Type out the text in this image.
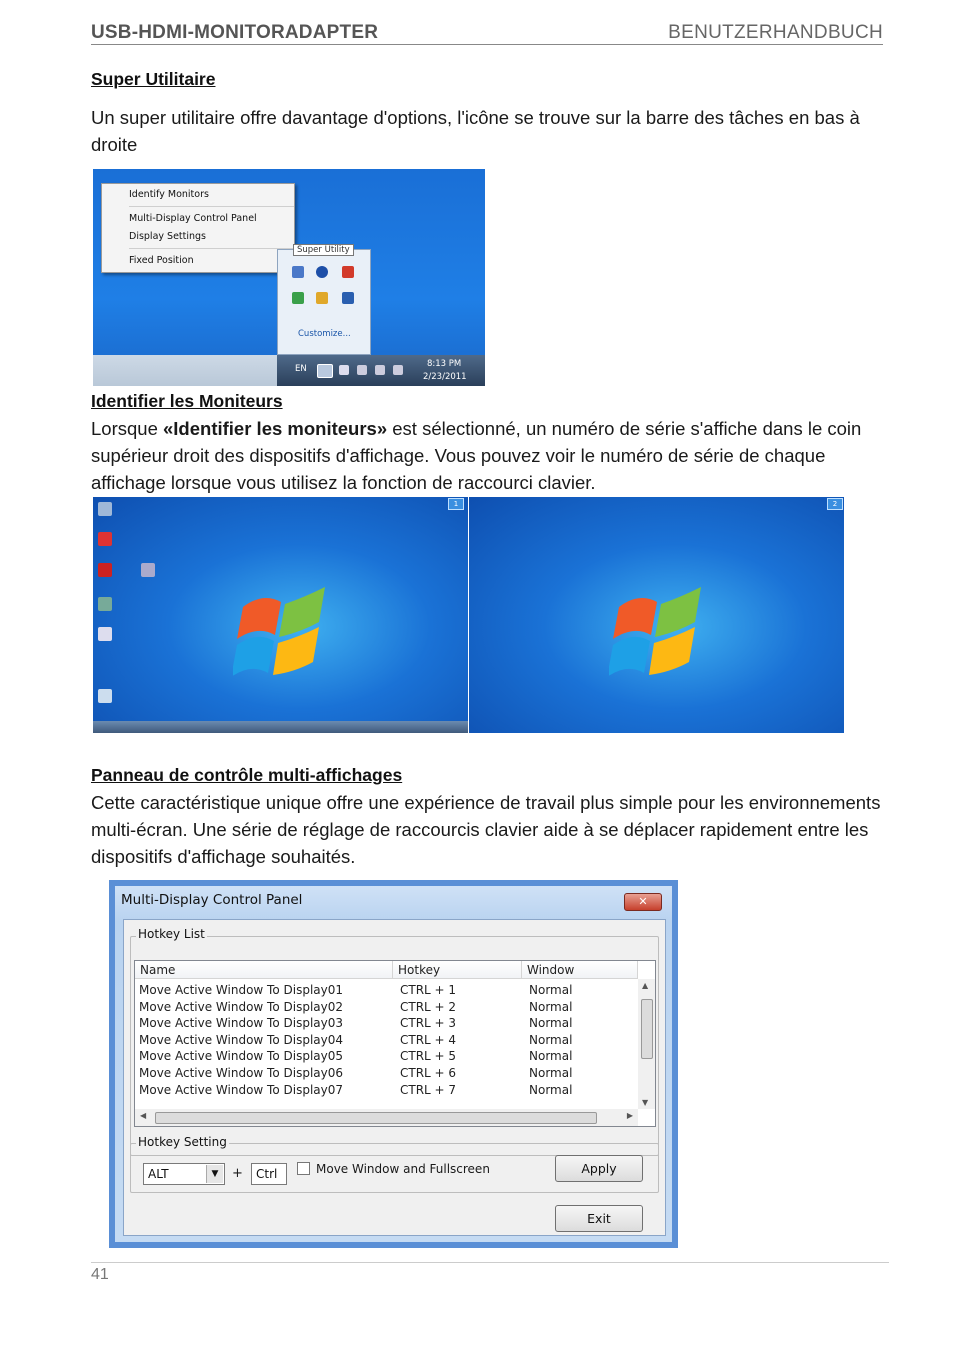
USB-HDMI-MONITORADAPTER	BENUTZERHANDBUCH
Super Utilitaire
Un super utilitaire offre davantage d'options, l'icône se trouve sur la barre des tâches en bas à droite
Identify Monitors
Multi-Display Control Panel
Display Settings
Fixed Position
Super Utility
Customize...
EN	8:13 PM
2/23/2011
Identifier les Moniteurs
Lorsque «Identifier les moniteurs» est sélectionné, un numéro de série s'affiche dans le coin supérieur droit des dispositifs d'affichage. Vous pouvez voir le numéro de série de chaque affichage lorsque vous utilisez la fonction de raccourci clavier.
1	2
Panneau de contrôle multi-affichages
Cette caractéristique unique offre une expérience de travail plus simple pour les environnements multi-écran. Une série de réglage de raccourcis clavier aide à se déplacer rapidement entre les dispositifs d'affichage souhaités.
Multi-Display Control Panel	✕
Hotkey List
Name	Hotkey	Window
Move Active Window To Display01	CTRL + 1	Normal
Move Active Window To Display02	CTRL + 2	Normal
Move Active Window To Display03	CTRL + 3	Normal
Move Active Window To Display04	CTRL + 4	Normal
Move Active Window To Display05	CTRL + 5	Normal
Move Active Window To Display06	CTRL + 6	Normal
Move Active Window To Display07	CTRL + 7	Normal
▲
▼
◀	▶
Hotkey Setting
ALT	▼	+	Ctrl	Move Window and Fullscreen	Apply
Exit
41
